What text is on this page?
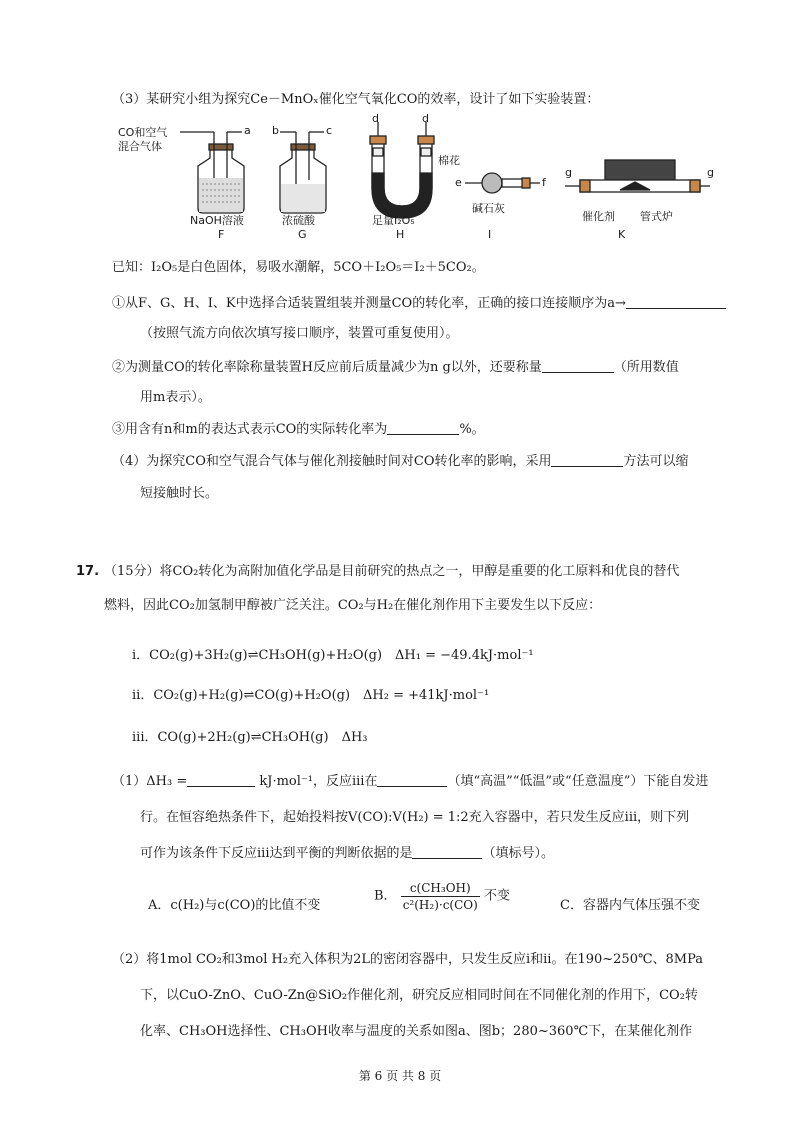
（3）某研究小组为探究Ce－MnOₓ催化空气氧化CO的效率，设计了如下实验装置：
CO和空气
混合气体
a
NaOH溶液
F
b	c
浓硫酸
G
d	d
棉花
足量I₂O₅
H
e	f
碱石灰
I
g	g
催化剂 管式炉
K
已知：I₂O₅是白色固体，易吸水潮解，5CO＋I₂O₅＝I₂＋5CO₂。
①从F、G、H、I、K中选择合适装置组装并测量CO的转化率，正确的接口连接顺序为a→
（按照气流方向依次填写接口顺序，装置可重复使用）。
②为测量CO的转化率除称量装置H反应前后质量减少为n g以外，还要称量	（所用数值
用m表示）。
③用含有n和m的表达式表示CO的实际转化率为	%。
（4）为探究CO和空气混合气体与催化剂接触时间对CO转化率的影响，采用	方法可以缩
短接触时长。
17. （15分）将CO₂转化为高附加值化学品是目前研究的热点之一，甲醇是重要的化工原料和优良的替代
燃料，因此CO₂加氢制甲醇被广泛关注。CO₂与H₂在催化剂作用下主要发生以下反应：
i．CO₂(g)+3H₂(g)⇌CH₃OH(g)+H₂O(g)　ΔH₁ = −49.4kJ·mol⁻¹
ii．CO₂(g)+H₂(g)⇌CO(g)+H₂O(g)　ΔH₂ = +41kJ·mol⁻¹
iii．CO(g)+2H₂(g)⇌CH₃OH(g)　ΔH₃
（1）ΔH₃ =	kJ·mol⁻¹，反应iii在	（填“高温”“低温”或“任意温度”）下能自发进
行。在恒容绝热条件下，起始投料按V(CO):V(H₂) = 1:2充入容器中，若只发生反应iii，则下列
可作为该条件下反应iii达到平衡的判断依据的是	（填标号）。
A．c(H₂)与c(CO)的比值不变
B． $\frac{\text{c(CH₃OH)}}{\text{c²(H₂)·c(CO)}}$ 不变
C．容器内气体压强不变
（2）将1mol CO₂和3mol H₂充入体积为2L的密闭容器中，只发生反应i和ii。在190~250℃、8MPa
下，以CuO-ZnO、CuO-Zn@SiO₂作催化剂，研究反应相同时间在不同催化剂的作用下，CO₂转
化率、CH₃OH选择性、CH₃OH收率与温度的关系如图a、图b；280~360℃下，在某催化剂作
第 6 页 共 8 页
